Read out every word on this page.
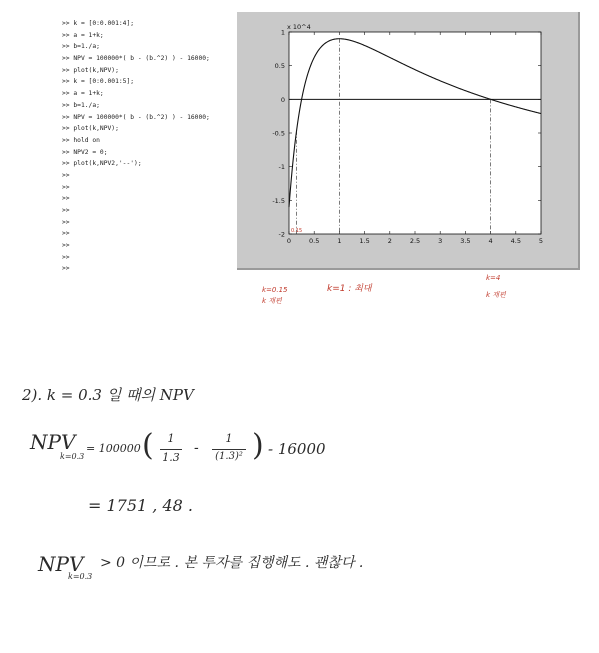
>> k = [0:0.001:4];
>> a = 1+k;
>> b=1./a;
>> NPV = 100000*( b - (b.^2) ) - 16000;
>> plot(k,NPV);
>> k = [0:0.001:5];
>> a = 1+k;
>> b=1./a;
>> NPV = 100000*( b - (b.^2) ) - 16000;
>> plot(k,NPV);
>> hold on
>> NPV2 = 0;
>> plot(k,NPV2,'--');
>>
>>
>>
>>
>>
>>
>>
>>
>>
1
0.5
0
-0.5
-1
-1.5
-2
0	0.5	1	1.5	2	2.5	3	3.5	4	4.5	5
x 10^4
0.15
k=0.15
k 재편
k=1 : 최대
k=4
k 재편
2). k = 0.3 일 때의 NPV
NPV
k=0.3
= 100000 (	1
1.3
-
1
(1.3)² ) - 16000
= 1751 , 48 .
NPV
k=0.3
> 0 이므로 . 본 투자를 집행해도 . 괜찮다 .
